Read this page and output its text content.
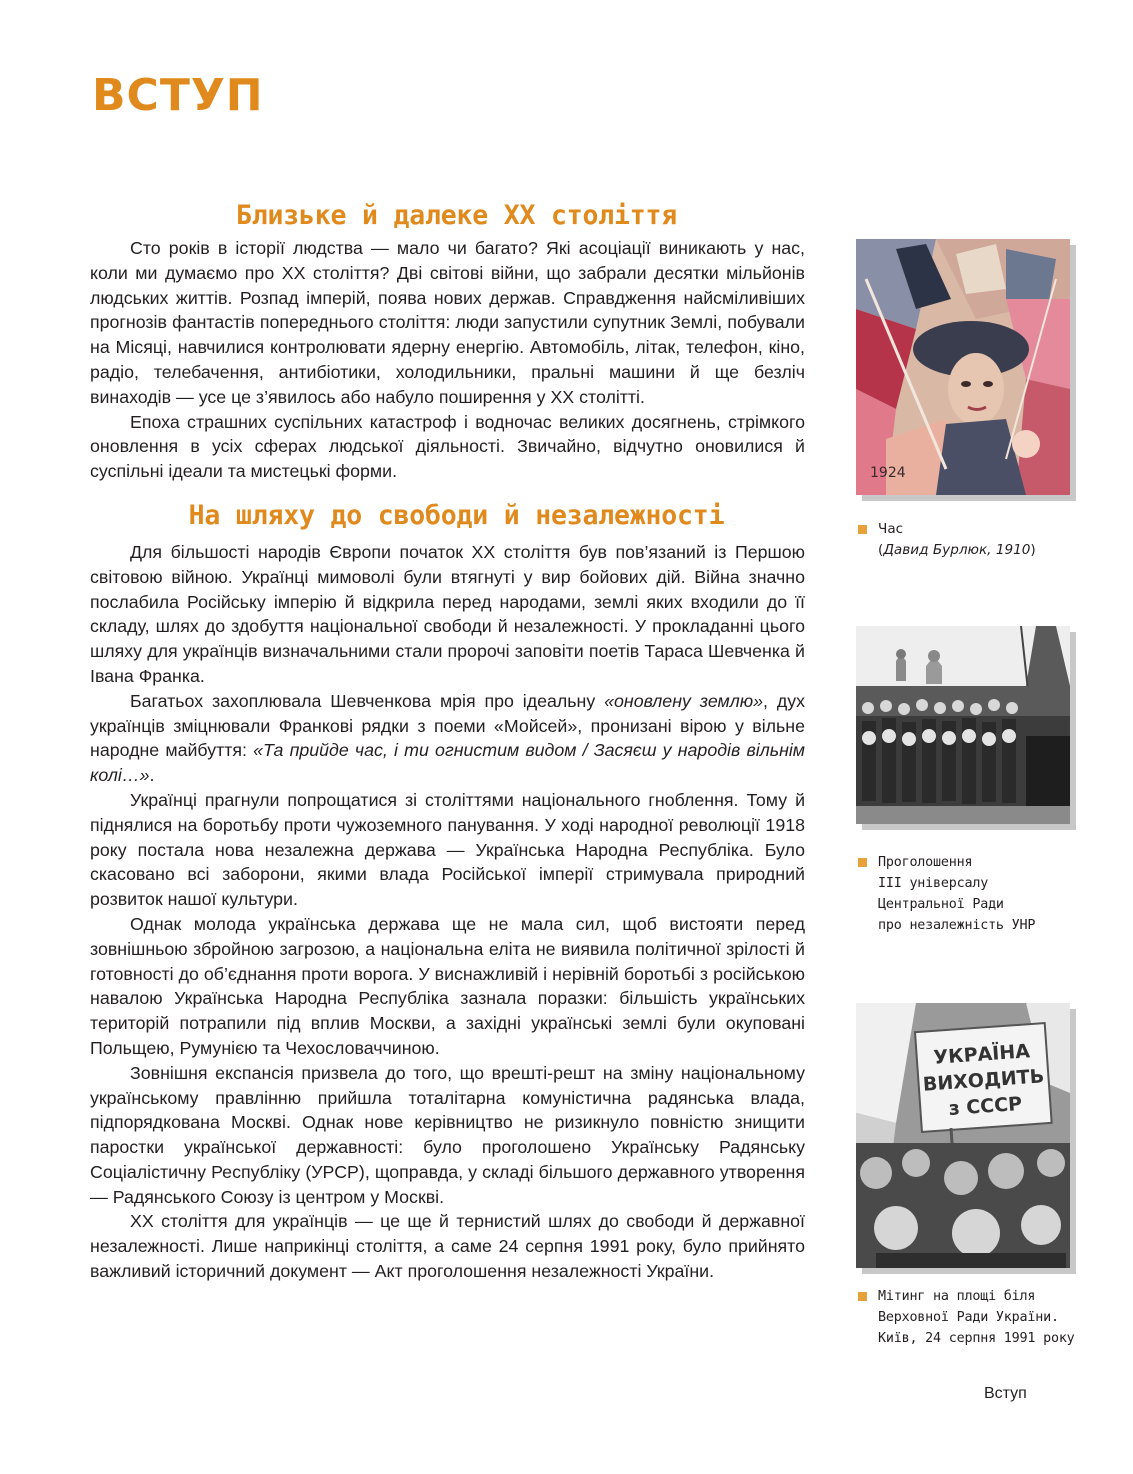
ВСТУП
Близьке й далеке XX століття

Сто років в історії людства — мало чи багато? Які асоціації виникають у нас, коли ми думаємо про XX століття? Дві світові війни, що забрали десятки мільйонів людських життів. Розпад імперій, поява нових держав. Справдження найсміливіших прогнозів фантастів попереднього століття: люди запустили супутник Землі, побували на Місяці, навчилися контролювати ядерну енергію. Автомобіль, літак, телефон, кіно, радіо, телебачення, антибіотики, холодильники, пральні машини й ще безліч винаходів — усе це з’явилось або набуло поширення у XX столітті.

Епоха страшних суспільних катастроф і водночас великих досягнень, стрімкого оновлення в усіх сферах людської діяльності. Звичайно, відчутно оновилися й суспільні ідеали та мистецькі форми.

На шляху до свободи й незалежності

Для більшості народів Європи початок XX століття був пов’язаний із Першою світовою війною. Українці мимоволі були втягнуті у вир бойових дій. Війна значно послабила Російську імперію й відкрила перед народами, землі яких входили до її складу, шлях до здобуття національної свободи й незалежності. У прокладанні цього шляху для українців визначальними стали пророчі заповіти поетів Тараса Шевченка й Івана Франка.

Багатьох захоплювала Шевченкова мрія про ідеальну «оновлену землю», дух українців зміцнювали Франкові рядки з поеми «Мойсей», пронизані вірою у вільне народне майбуття: «Та прийде час, і ти огнистим видом / Засяєш у народів вільнім колі…».

Українці прагнули попрощатися зі століттями національного гноблення. Тому й піднялися на боротьбу проти чужоземного панування. У ході народної революції 1918 року постала нова незалежна держава — Українська Народна Республіка. Було скасовано всі заборони, якими влада Російської імперії стримувала природний розвиток нашої культури.

Однак молода українська держава ще не мала сил, щоб вистояти перед зовнішньою збройною загрозою, а національна еліта не виявила політичної зрілості й готовності до об’єднання проти ворога. У виснажливій і нерівній боротьбі з російською навалою Українська Народна Республіка зазнала поразки: більшість українських територій потрапили під вплив Москви, а західні українські землі були окуповані Польщею, Румунією та Чехословаччиною.

Зовнішня експансія призвела до того, що врешті-решт на зміну національному українському правлінню прийшла тоталітарна комуністична радянська влада, підпорядкована Москві. Однак нове керівництво не ризикнуло повністю знищити паростки української державності: було проголошено Українську Радянську Соціалістичну Республіку (УРСР), щоправда, у складі більшого державного утворення — Радянського Союзу із центром у Москві.

XX століття для українців — це ще й тернистий шлях до свободи й державної незалежності. Лише наприкінці століття, а саме 24 серпня 1991 року, було прийнято важливий історичний документ — Акт проголошення незалежності України.

1924
Час
(Давид Бурлюк, 1910)
Проголошення
III універсалу
Центральної Ради
про незалежність УНР
УКРАЇНА
ВИХОДИТЬ
з СССР
Мітинг на площі біля
Верховної Ради України.
Київ, 24 серпня 1991 року
Вступ
